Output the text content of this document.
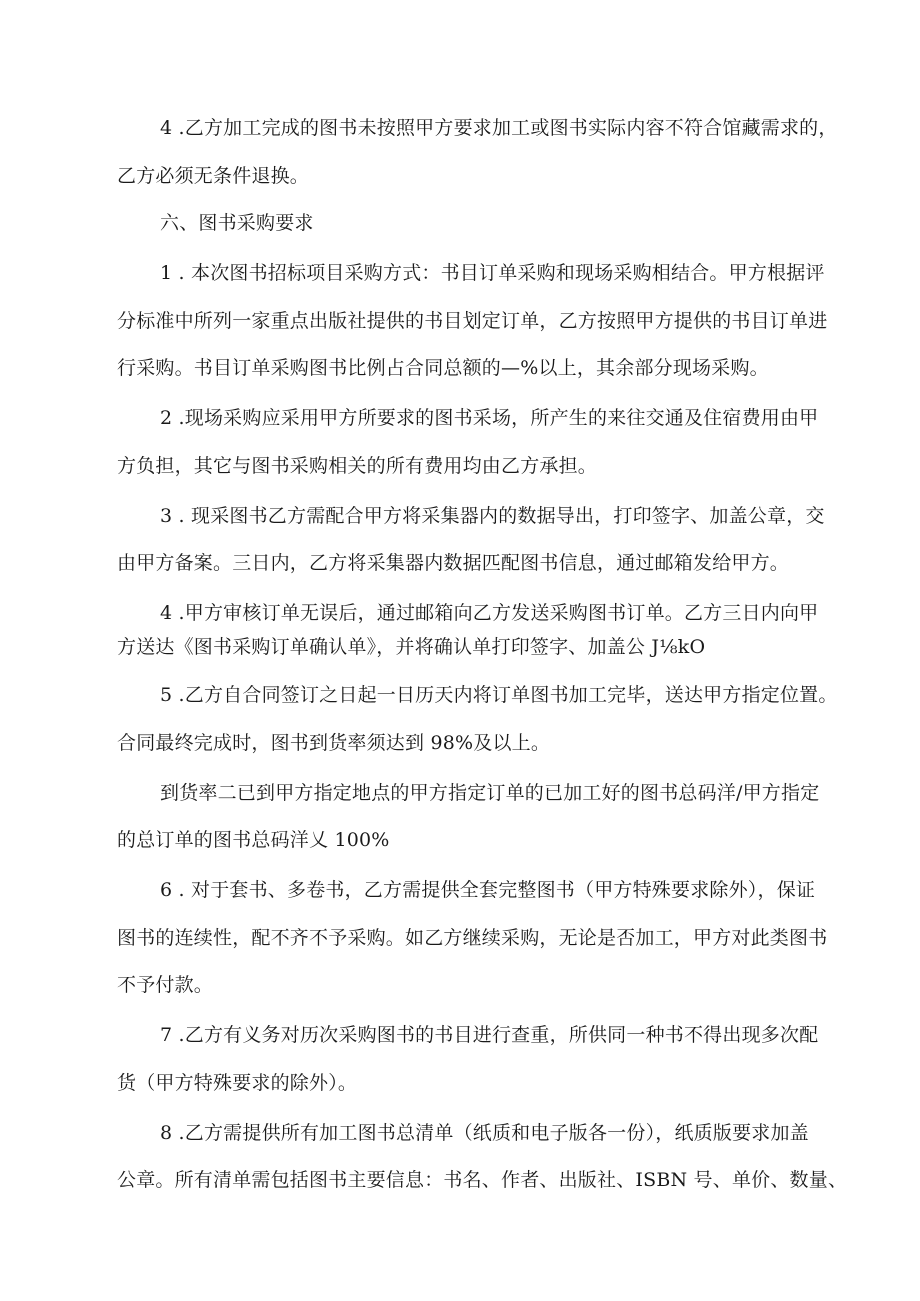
4 .乙方加工完成的图书未按照甲方要求加工或图书实际内容不符合馆藏需求的，
乙方必须无条件退换。
六、图书采购要求
1 . 本次图书招标项目采购方式：书目订单采购和现场采购相结合。甲方根据评
分标准中所列一家重点出版社提供的书目划定订单，乙方按照甲方提供的书目订单进
行采购。书目订单采购图书比例占合同总额的—%以上，其余部分现场采购。
2 .现场采购应采用甲方所要求的图书采场，所产生的来往交通及住宿费用由甲
方负担，其它与图书采购相关的所有费用均由乙方承担。
3 . 现采图书乙方需配合甲方将采集器内的数据导出，打印签字、加盖公章，交
由甲方备案。三日内，乙方将采集器内数据匹配图书信息，通过邮箱发给甲方。
4 .甲方审核订单无误后，通过邮箱向乙方发送采购图书订单。乙方三日内向甲
方送达《图书采购订单确认单》，并将确认单打印签字、加盖公 J⅛kO
5 .乙方自合同签订之日起一日历天内将订单图书加工完毕，送达甲方指定位置。
合同最终完成时，图书到货率须达到 98%及以上。
到货率二已到甲方指定地点的甲方指定订单的已加工好的图书总码洋/甲方指定
的总订单的图书总码洋乂 100%
6 . 对于套书、多卷书，乙方需提供全套完整图书（甲方特殊要求除外），保证
图书的连续性，配不齐不予采购。如乙方继续采购，无论是否加工，甲方对此类图书
不予付款。
7 .乙方有义务对历次采购图书的书目进行查重，所供同一种书不得出现多次配
货（甲方特殊要求的除外）。
8 .乙方需提供所有加工图书总清单（纸质和电子版各一份），纸质版要求加盖
公章。所有清单需包括图书主要信息：书名、作者、出版社、ISBN 号、单价、数量、
